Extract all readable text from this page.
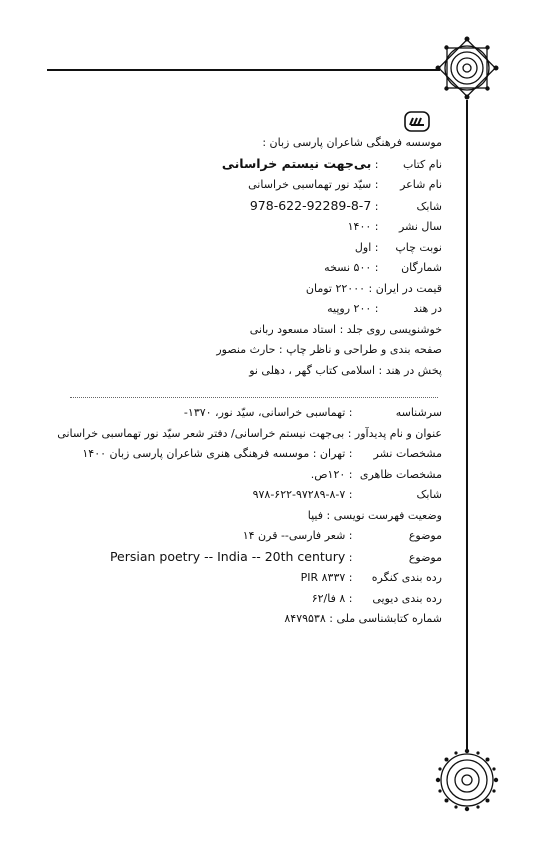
موسسه فرهنگی شاعران پارسی زبان :
نام کتاب : بی‌جهت نیستم خراسانی
نام شاعر : سیّد نور تهماسبی خراسانی
شابک : 978-622-92289-8-7
سال نشر : ۱۴۰۰
نوبت چاپ : اول
شمارگان : ۵۰۰ نسخه
قیمت در ایران : ۲۲۰۰۰ تومان
در هند : ۲۰۰ روپیه
خوشنویسی روی جلد : استاد مسعود ربانی
صفحه بندی و طراحی و ناظر چاپ : حارث منصور
پخش در هند : اسلامی کتاب گهر ، دهلی نو
سرشناسه : تهماسبی خراسانی، سیّد نور، ۱۳۷۰-
عنوان و نام پدیدآور : بی‌جهت نیستم خراسانی/ دفتر شعر سیّد نور تهماسبی خراسانی
مشخصات نشر : تهران : موسسه فرهنگی هنری شاعران پارسی زبان ۱۴۰۰
مشخصات ظاهری : ۱۲۰ص.
شابک : ۹۷۸-۶۲۲-۹۷۲۸۹-۸-۷
وضعیت فهرست نویسی : فیپا
موضوع : شعر فارسی-- قرن ۱۴
موضوع : Persian poetry -- India -- 20th century
رده بندی کنگره : PIR ۸۳۳۷
رده بندی دیویی : ۸ فا/۶۲
شماره کتابشناسی ملی : ۸۴۷۹۵۳۸
